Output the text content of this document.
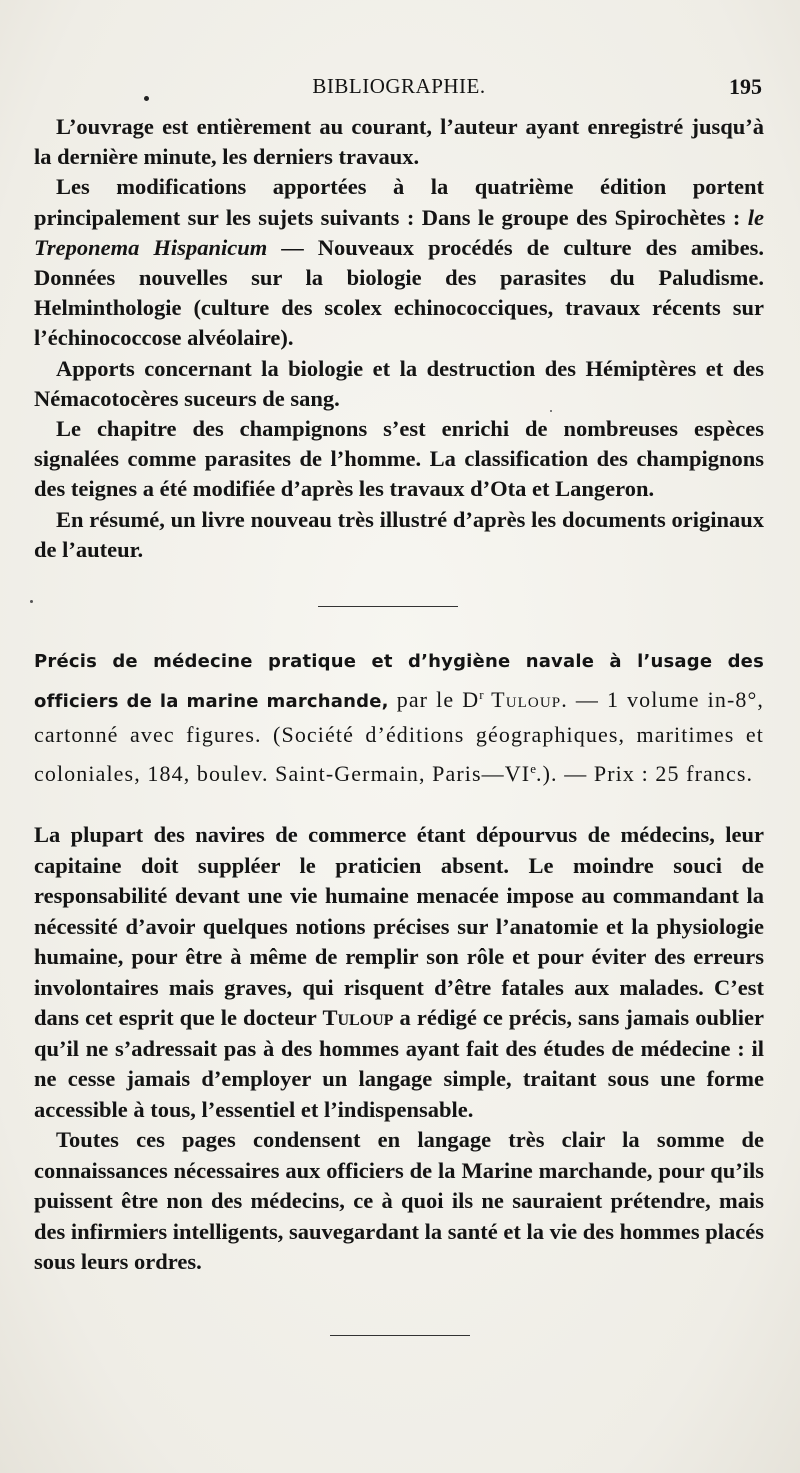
BIBLIOGRAPHIE.	195

L’ouvrage est entièrement au courant, l’auteur ayant enregistré jusqu’à la dernière minute, les derniers travaux.

Les modifications apportées à la quatrième édition portent principalement sur les sujets suivants : Dans le groupe des Spirochètes : le Treponema Hispanicum — Nouveaux procédés de culture des amibes. Données nouvelles sur la biologie des parasites du Paludisme. Helminthologie (culture des scolex echinococciques, travaux récents sur l’échinococcose alvéolaire).

Apports concernant la biologie et la destruction des Hémiptères et des Némacotocères suceurs de sang.

Le chapitre des champignons s’est enrichi de nombreuses espèces signalées comme parasites de l’homme. La classification des champignons des teignes a été modifiée d’après les travaux d’Ota et Langeron.

En résumé, un livre nouveau très illustré d’après les documents originaux de l’auteur.

Précis de médecine pratique et d’hygiène navale à l’usage des officiers de la marine marchande, par le $D^r$ Tuloup. — 1 volume in-8°, cartonné avec figures. (Société d’éditions géographiques, maritimes et coloniales, 184, boulev. Saint-Germain, Paris—VIe.). — Prix : 25 francs.

La plupart des navires de commerce étant dépourvus de médecins, leur capitaine doit suppléer le praticien absent. Le moindre souci de responsabilité devant une vie humaine menacée impose au commandant la nécessité d’avoir quelques notions précises sur l’anatomie et la physiologie humaine, pour être à même de remplir son rôle et pour éviter des erreurs involontaires mais graves, qui risquent d’être fatales aux malades. C’est dans cet esprit que le docteur Tuloup a rédigé ce précis, sans jamais oublier qu’il ne s’adressait pas à des hommes ayant fait des études de médecine : il ne cesse jamais d’employer un langage simple, traitant sous une forme accessible à tous, l’essentiel et l’indispensable.

Toutes ces pages condensent en langage très clair la somme de connaissances nécessaires aux officiers de la Marine marchande, pour qu’ils puissent être non des médecins, ce à quoi ils ne sauraient prétendre, mais des infirmiers intelligents, sauvegardant la santé et la vie des hommes placés sous leurs ordres.
